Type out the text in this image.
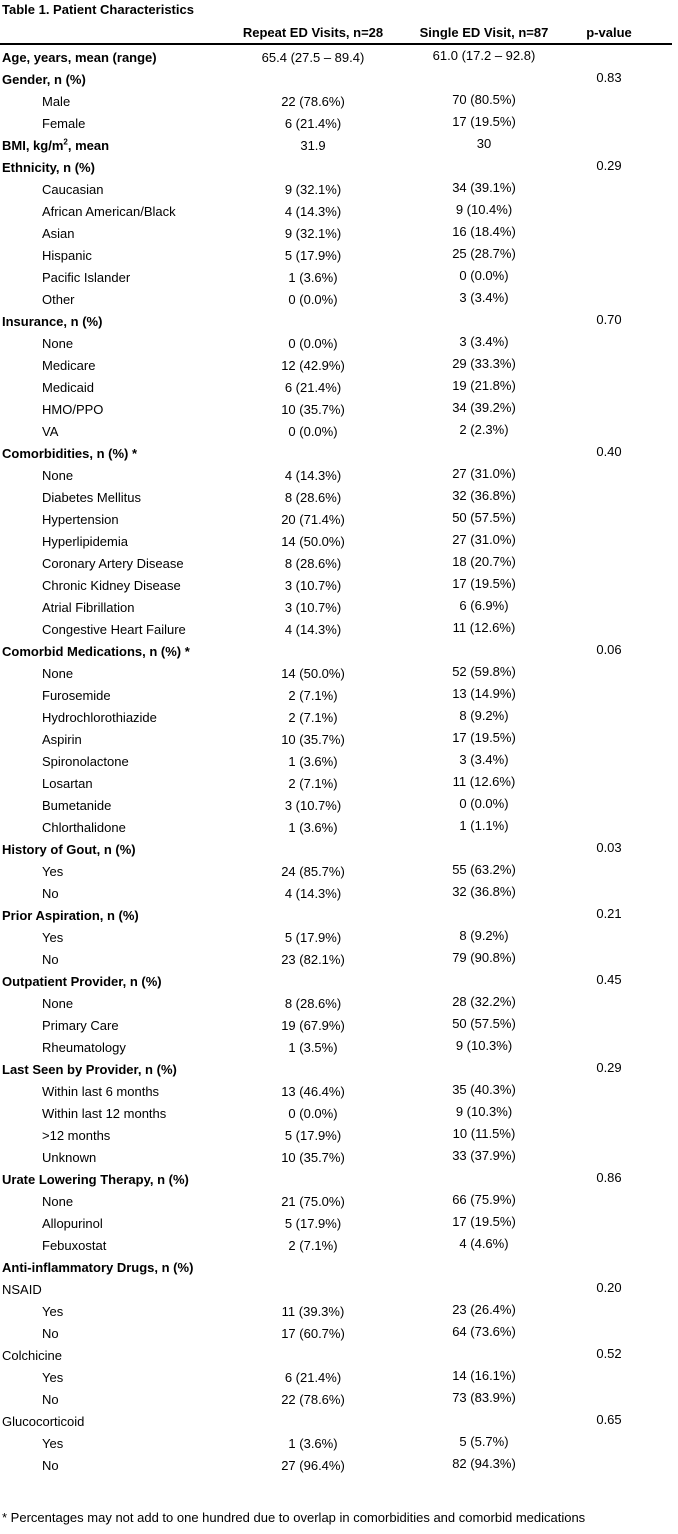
Table 1. Patient Characteristics
Repeat ED Visits, n=28	Single ED Visit, n=87	p-value
Age, years, mean (range)	65.4 (27.5 – 89.4)	61.0 (17.2 – 92.8)
Gender, n (%)	0.83
Male	22 (78.6%)	70 (80.5%)
Female	6 (21.4%)	17 (19.5%)
BMI, $kg/m^2$, mean	31.9	30
Ethnicity, n (%)	0.29
Caucasian	9 (32.1%)	34 (39.1%)
African American/Black	4 (14.3%)	9 (10.4%)
Asian	9 (32.1%)	16 (18.4%)
Hispanic	5 (17.9%)	25 (28.7%)
Pacific Islander	1 (3.6%)	0 (0.0%)
Other	0 (0.0%)	3 (3.4%)
Insurance, n (%)	0.70
None	0 (0.0%)	3 (3.4%)
Medicare	12 (42.9%)	29 (33.3%)
Medicaid	6 (21.4%)	19 (21.8%)
HMO/PPO	10 (35.7%)	34 (39.2%)
VA	0 (0.0%)	2 (2.3%)
Comorbidities, n (%) *	0.40
None	4 (14.3%)	27 (31.0%)
Diabetes Mellitus	8 (28.6%)	32 (36.8%)
Hypertension	20 (71.4%)	50 (57.5%)
Hyperlipidemia	14 (50.0%)	27 (31.0%)
Coronary Artery Disease	8 (28.6%)	18 (20.7%)
Chronic Kidney Disease	3 (10.7%)	17 (19.5%)
Atrial Fibrillation	3 (10.7%)	6 (6.9%)
Congestive Heart Failure	4 (14.3%)	11 (12.6%)
Comorbid Medications, n (%) *	0.06
None	14 (50.0%)	52 (59.8%)
Furosemide	2 (7.1%)	13 (14.9%)
Hydrochlorothiazide	2 (7.1%)	8 (9.2%)
Aspirin	10 (35.7%)	17 (19.5%)
Spironolactone	1 (3.6%)	3 (3.4%)
Losartan	2 (7.1%)	11 (12.6%)
Bumetanide	3 (10.7%)	0 (0.0%)
Chlorthalidone	1 (3.6%)	1 (1.1%)
History of Gout, n (%)	0.03
Yes	24 (85.7%)	55 (63.2%)
No	4 (14.3%)	32 (36.8%)
Prior Aspiration, n (%)	0.21
Yes	5 (17.9%)	8 (9.2%)
No	23 (82.1%)	79 (90.8%)
Outpatient Provider, n (%)	0.45
None	8 (28.6%)	28 (32.2%)
Primary Care	19 (67.9%)	50 (57.5%)
Rheumatology	1 (3.5%)	9 (10.3%)
Last Seen by Provider, n (%)	0.29
Within last 6 months	13 (46.4%)	35 (40.3%)
Within last 12 months	0 (0.0%)	9 (10.3%)
>12 months	5 (17.9%)	10 (11.5%)
Unknown	10 (35.7%)	33 (37.9%)
Urate Lowering Therapy, n (%)	0.86
None	21 (75.0%)	66 (75.9%)
Allopurinol	5 (17.9%)	17 (19.5%)
Febuxostat	2 (7.1%)	4 (4.6%)
Anti-inflammatory Drugs, n (%)
NSAID	0.20
Yes	11 (39.3%)	23 (26.4%)
No	17 (60.7%)	64 (73.6%)
Colchicine	0.52
Yes	6 (21.4%)	14 (16.1%)
No	22 (78.6%)	73 (83.9%)
Glucocorticoid	0.65
Yes	1 (3.6%)	5 (5.7%)
No	27 (96.4%)	82 (94.3%)
* Percentages may not add to one hundred due to overlap in comorbidities and comorbid medications
